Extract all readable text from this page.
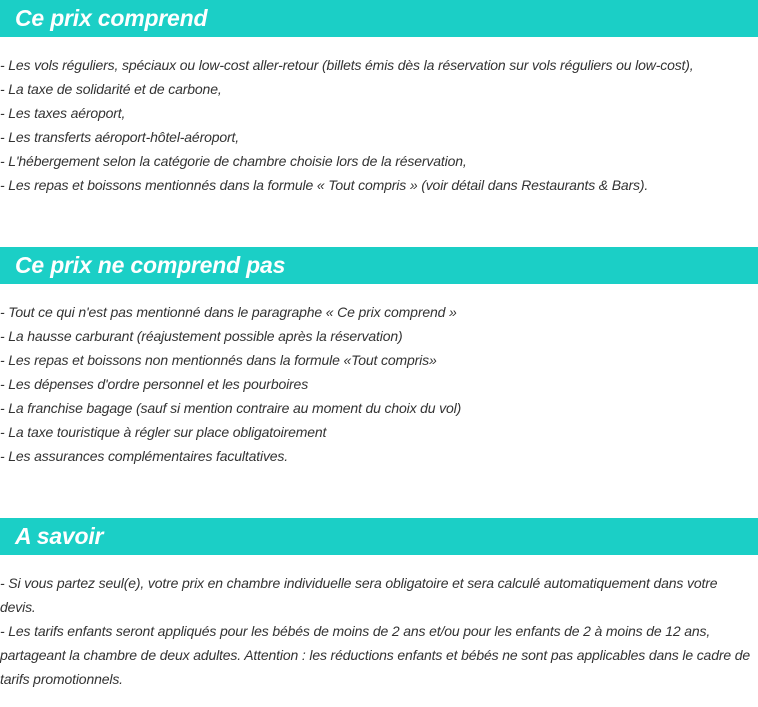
Ce prix comprend
- Les vols réguliers, spéciaux ou low-cost aller-retour (billets émis dès la réservation sur vols réguliers ou low-cost),
- La taxe de solidarité et de carbone,
- Les taxes aéroport,
- Les transferts aéroport-hôtel-aéroport,
- L'hébergement selon la catégorie de chambre choisie lors de la réservation,
- Les repas et boissons mentionnés dans la formule « Tout compris » (voir détail dans Restaurants & Bars).
Ce prix ne comprend pas
- Tout ce qui n'est pas mentionné dans le paragraphe « Ce prix comprend »
- La hausse carburant (réajustement possible après la réservation)
- Les repas et boissons non mentionnés dans la formule «Tout compris»
- Les dépenses d'ordre personnel et les pourboires
- La franchise bagage (sauf si mention contraire au moment du choix du vol)
- La taxe touristique à régler sur place obligatoirement
- Les assurances complémentaires facultatives.
A savoir
- Si vous partez seul(e), votre prix en chambre individuelle sera obligatoire et sera calculé automatiquement dans votre devis.
- Les tarifs enfants seront appliqués pour les bébés de moins de 2 ans et/ou pour les enfants de 2 à moins de 12 ans, partageant la chambre de deux adultes. Attention : les réductions enfants et bébés ne sont pas applicables dans le cadre de tarifs promotionnels.
